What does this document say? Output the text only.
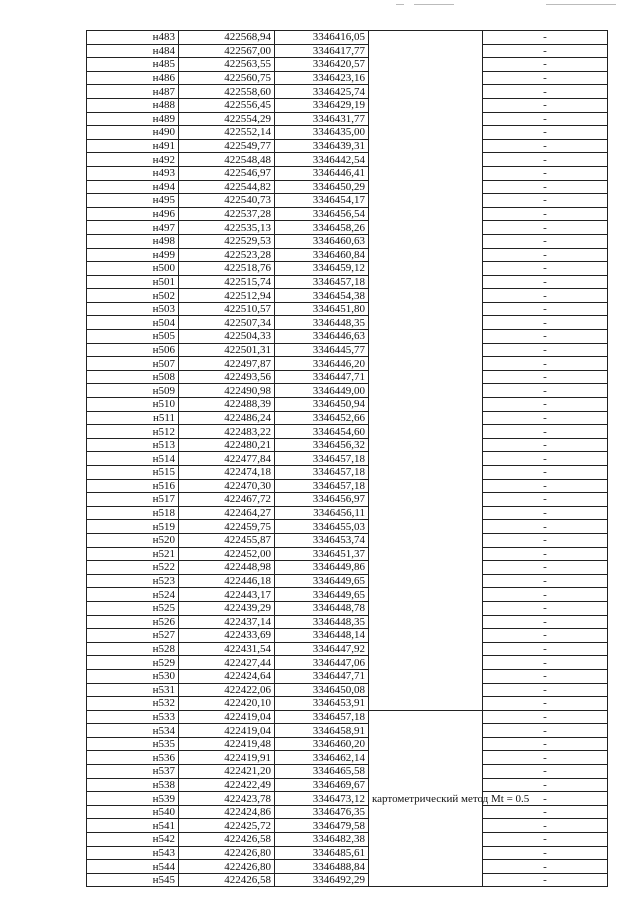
н483	422568,94	3346416,05		-
н484	422567,00	3346417,77		-
н485	422563,55	3346420,57		-
н486	422560,75	3346423,16		-
н487	422558,60	3346425,74		-
н488	422556,45	3346429,19		-
н489	422554,29	3346431,77		-
н490	422552,14	3346435,00		-
н491	422549,77	3346439,31		-
н492	422548,48	3346442,54		-
н493	422546,97	3346446,41		-
н494	422544,82	3346450,29		-
н495	422540,73	3346454,17		-
н496	422537,28	3346456,54		-
н497	422535,13	3346458,26		-
н498	422529,53	3346460,63		-
н499	422523,28	3346460,84		-
н500	422518,76	3346459,12		-
н501	422515,74	3346457,18		-
н502	422512,94	3346454,38		-
н503	422510,57	3346451,80		-
н504	422507,34	3346448,35		-
н505	422504,33	3346446,63		-
н506	422501,31	3346445,77		-
н507	422497,87	3346446,20		-
н508	422493,56	3346447,71		-
н509	422490,98	3346449,00		-
н510	422488,39	3346450,94		-
н511	422486,24	3346452,66		-
н512	422483,22	3346454,60		-
н513	422480,21	3346456,32		-
н514	422477,84	3346457,18		-
н515	422474,18	3346457,18		-
н516	422470,30	3346457,18		-
н517	422467,72	3346456,97		-
н518	422464,27	3346456,11		-
н519	422459,75	3346455,03		-
н520	422455,87	3346453,74		-
н521	422452,00	3346451,37		-
н522	422448,98	3346449,86		-
н523	422446,18	3346449,65		-
н524	422443,17	3346449,65		-
н525	422439,29	3346448,78		-
н526	422437,14	3346448,35		-
н527	422433,69	3346448,14		-
н528	422431,54	3346447,92		-
н529	422427,44	3346447,06		-
н530	422424,64	3346447,71		-
н531	422422,06	3346450,08		-
н532	422420,10	3346453,91		-
н533	422419,04	3346457,18	картометрический метод Mt = 0.5	-
н534	422419,04	3346458,91		-
н535	422419,48	3346460,20		-
н536	422419,91	3346462,14		-
н537	422421,20	3346465,58		-
н538	422422,49	3346469,67		-
н539	422423,78	3346473,12		-
н540	422424,86	3346476,35		-
н541	422425,72	3346479,58		-
н542	422426,58	3346482,38		-
н543	422426,80	3346485,61		-
н544	422426,80	3346488,84		-
н545	422426,58	3346492,29		-
